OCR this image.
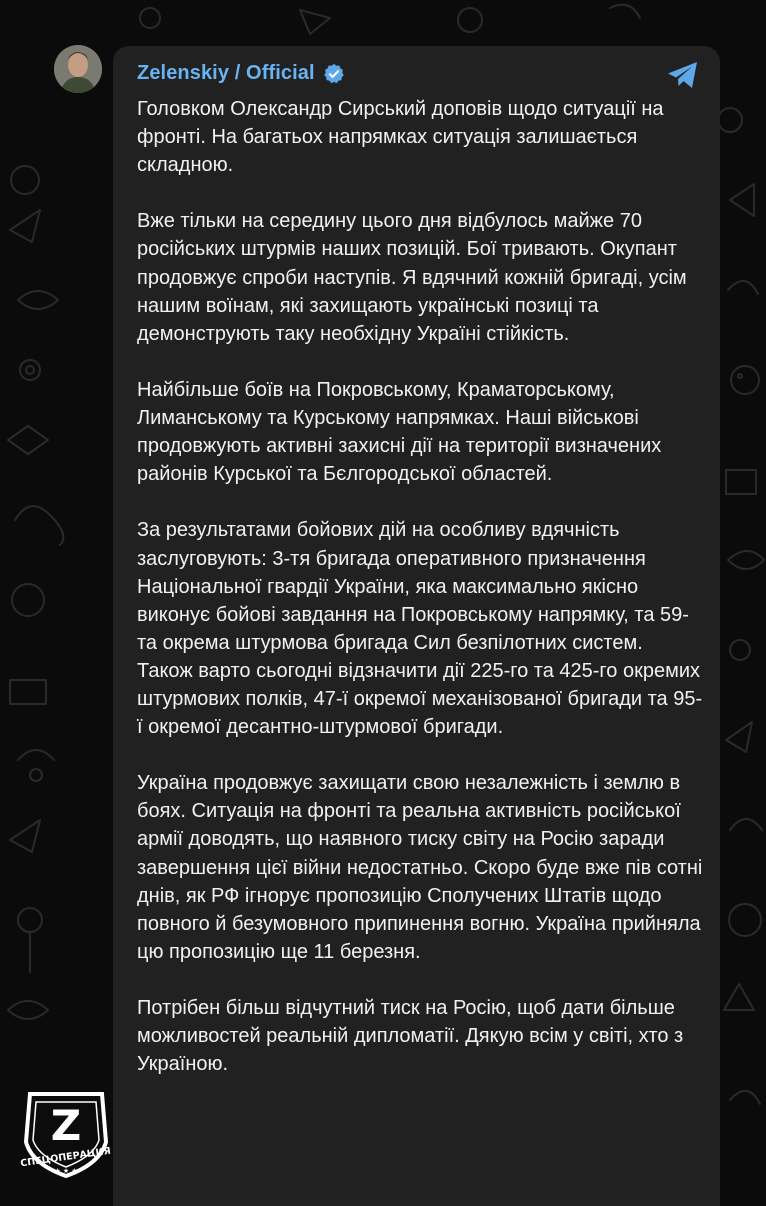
Zelenskiy / Official

Головком Олександр Сирський доповів щодо ситуації на фронті. На багатьох напрямках ситуація залишається складною.

Вже тільки на середину цього дня відбулось майже 70 російських штурмів наших позицій. Бої тривають. Окупант продовжує спроби наступів. Я вдячний кожній бригаді, усім нашим воїнам, які захищають українські позиці та демонструють таку необхідну Україні стійкість.

Найбільше боїв на Покровському, Краматорському, Лиманському та Курському напрямках. Наші військові продовжують активні захисні дії на території визначених районів Курської та Бєлгородської областей.

За результатами бойових дій на особливу вдячність заслуговують: 3-тя бригада оперативного призначення Національної гвардії України, яка максимально якісно виконує бойові завдання на Покровському напрямку, та 59-та окрема штурмова бригада Сил безпілотних систем.

Також варто сьогодні відзначити дії 225-го та 425-го окремих штурмових полків, 47-ї окремої механізованої бригади та 95-ї окремої десантно-штурмової бригади.

Україна продовжує захищати свою незалежність і землю в боях. Ситуація на фронті та реальна активність російської армії доводять, що наявного тиску світу на Росію заради завершення цієї війни недостатньо. Скоро буде вже пів сотні днів, як РФ ігнорує пропозицію Сполучених Штатів щодо повного й безумовного припинення вогню. Україна прийняла цю пропозицію ще 11 березня.

Потрібен більш відчутний тиск на Росію, щоб дати більше можливостей реальній дипломатії. Дякую всім у світі, хто з Україною.

Z
СПЕЦОПЕРАЦИЯ
★ ★ ★
